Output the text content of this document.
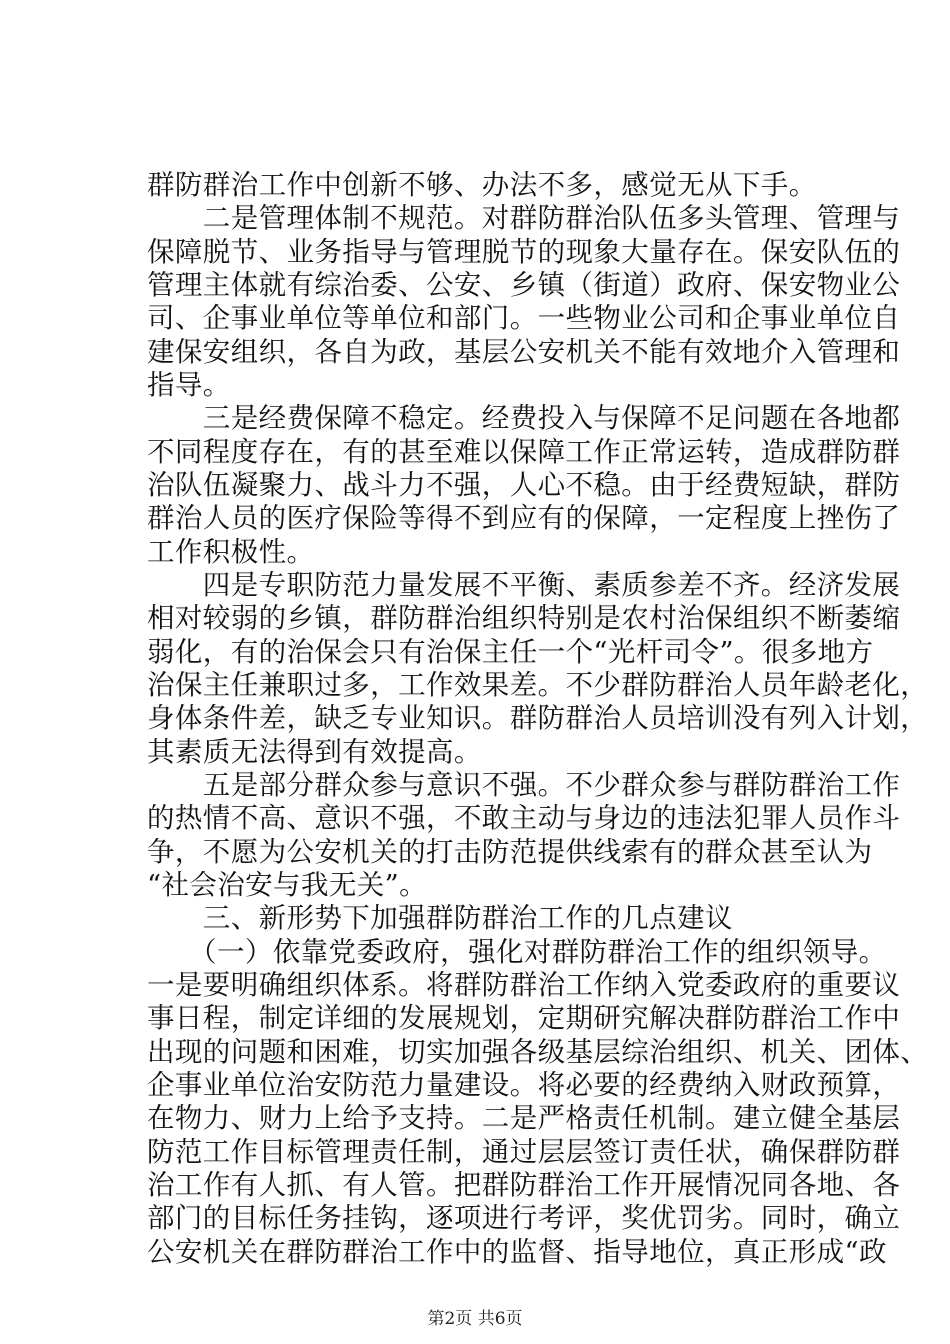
群防群治工作中创新不够、办法不多，感觉无从下手。
　　二是管理体制不规范。对群防群治队伍多头管理、管理与
保障脱节、业务指导与管理脱节的现象大量存在。保安队伍的
管理主体就有综治委、公安、乡镇（街道）政府、保安物业公
司、企事业单位等单位和部门。一些物业公司和企事业单位自
建保安组织，各自为政，基层公安机关不能有效地介入管理和
指导。
　　三是经费保障不稳定。经费投入与保障不足问题在各地都
不同程度存在，有的甚至难以保障工作正常运转，造成群防群
治队伍凝聚力、战斗力不强，人心不稳。由于经费短缺，群防
群治人员的医疗保险等得不到应有的保障，一定程度上挫伤了
工作积极性。
　　四是专职防范力量发展不平衡、素质参差不齐。经济发展
相对较弱的乡镇，群防群治组织特别是农村治保组织不断萎缩
弱化，有的治保会只有治保主任一个“光杆司令”。很多地方
治保主任兼职过多，工作效果差。不少群防群治人员年龄老化，
身体条件差，缺乏专业知识。群防群治人员培训没有列入计划，
其素质无法得到有效提高。
　　五是部分群众参与意识不强。不少群众参与群防群治工作
的热情不高、意识不强，不敢主动与身边的违法犯罪人员作斗
争，不愿为公安机关的打击防范提供线索有的群众甚至认为
“社会治安与我无关”。
　　三、新形势下加强群防群治工作的几点建议
　　（一）依靠党委政府，强化对群防群治工作的组织领导。
一是要明确组织体系。将群防群治工作纳入党委政府的重要议
事日程，制定详细的发展规划，定期研究解决群防群治工作中
出现的问题和困难，切实加强各级基层综治组织、机关、团体、
企事业单位治安防范力量建设。将必要的经费纳入财政预算，
在物力、财力上给予支持。二是严格责任机制。建立健全基层
防范工作目标管理责任制，通过层层签订责任状，确保群防群
治工作有人抓、有人管。把群防群治工作开展情况同各地、各
部门的目标任务挂钩，逐项进行考评，奖优罚劣。同时，确立
公安机关在群防群治工作中的监督、指导地位，真正形成“政
第2页 共6页
